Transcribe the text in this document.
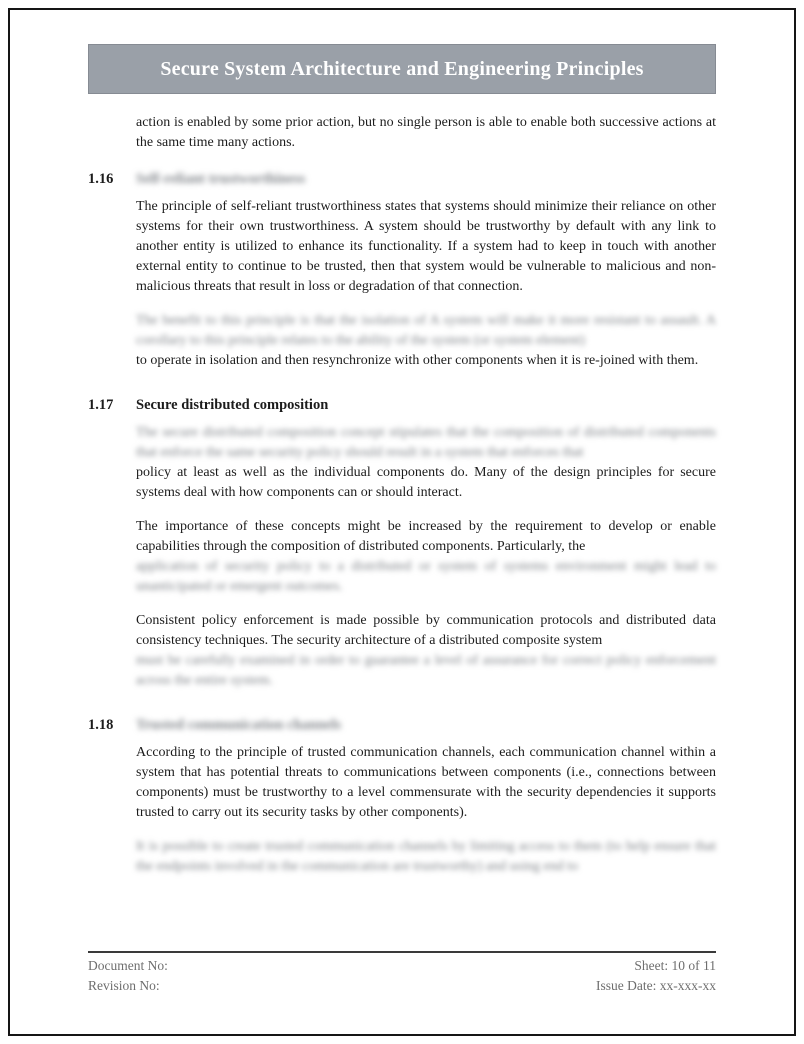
Secure System Architecture and Engineering Principles
action is enabled by some prior action, but no single person is able to enable both successive actions at the same time many actions.
1.16	Self-reliant trustworthiness
The principle of self-reliant trustworthiness states that systems should minimize their reliance on other systems for their own trustworthiness. A system should be trustworthy by default with any link to another entity is utilized to enhance its functionality. If a system had to keep in touch with another external entity to continue to be trusted, then that system would be vulnerable to malicious and non-malicious threats that result in loss or degradation of that connection.
The benefit to this principle is that the isolation of A system will make it more resistant to assault. A corollary to this principle relates to the ability of the system (or system element)
to operate in isolation and then resynchronize with other components when it is re-joined with them.
1.17	Secure distributed composition
The secure distributed composition concept stipulates that the composition of distributed components that enforce the same security policy should result in a system that enforces that
policy at least as well as the individual components do. Many of the design principles for secure systems deal with how components can or should interact.
The importance of these concepts might be increased by the requirement to develop or enable capabilities through the composition of distributed components. Particularly, the
application of security policy to a distributed or system of systems environment might lead to unanticipated or emergent outcomes.
Consistent policy enforcement is made possible by communication protocols and distributed data consistency techniques. The security architecture of a distributed composite system
must be carefully examined in order to guarantee a level of assurance for correct policy enforcement across the entire system.
1.18	Trusted communication channels
According to the principle of trusted communication channels, each communication channel within a system that has potential threats to communications between components (i.e., connections between components) must be trustworthy to a level commensurate with the security dependencies it supports trusted to carry out its security tasks by other components).
It is possible to create trusted communication channels by limiting access to them (to help ensure that the endpoints involved in the communication are trustworthy) and using end to
Document No:
Revision No:
Sheet: 10 of 11
Issue Date: xx-xxx-xx
